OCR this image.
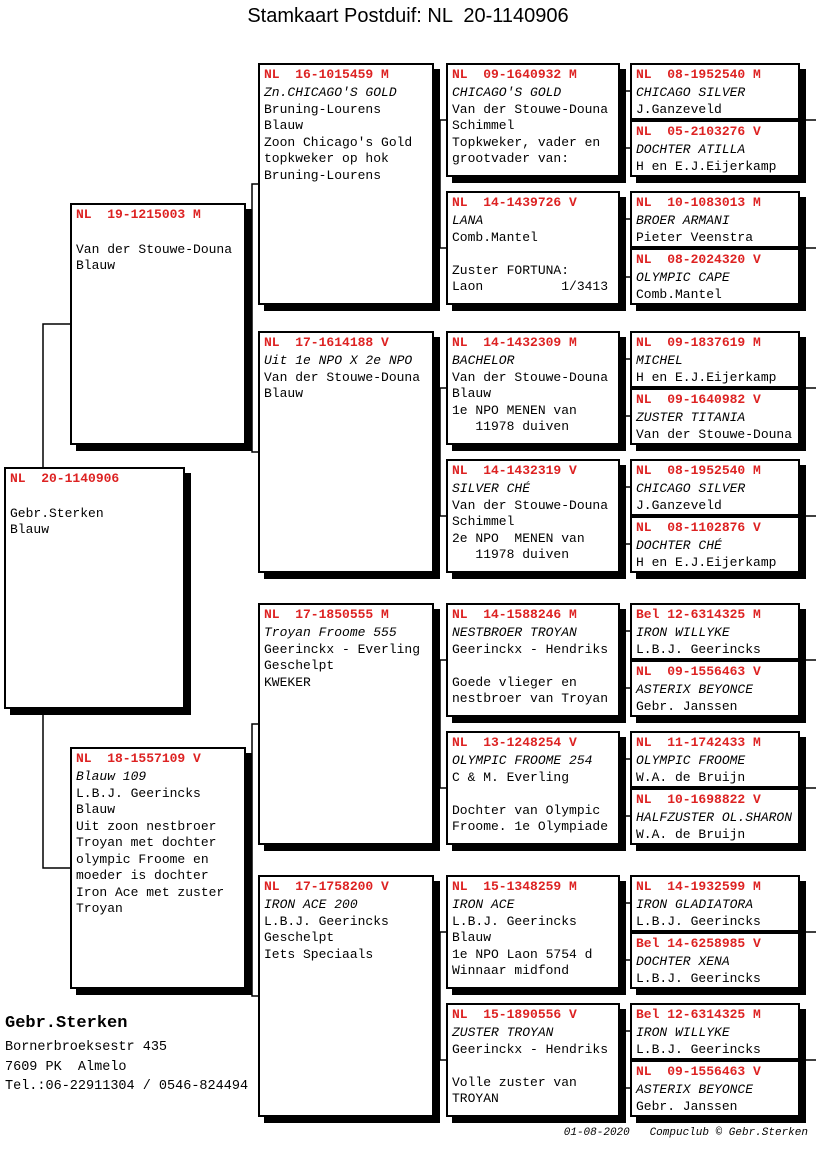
Stamkaart Postduif: NL  20-1140906
NL  20-1140906

Gebr.Sterken
Blauw
NL  19-1215003 M

Van der Stouwe-Douna
Blauw
NL  18-1557109 V
Blauw 109
L.B.J. Geerincks
Blauw
Uit zoon nestbroer
Troyan met dochter
olympic Froome en
moeder is dochter
Iron Ace met zuster
Troyan
NL  16-1015459 M
Zn.CHICAGO'S GOLD
Bruning-Lourens
Blauw
Zoon Chicago's Gold
topkweker op hok
Bruning-Lourens
NL  17-1614188 V
Uit 1e NPO X 2e NPO
Van der Stouwe-Douna
Blauw
NL  17-1850555 M
Troyan Froome 555
Geerinckx - Everling
Geschelpt
KWEKER
NL  17-1758200 V
IRON ACE 200
L.B.J. Geerincks
Geschelpt
Iets Speciaals
NL  09-1640932 M
CHICAGO'S GOLD
Van der Stouwe-Douna
Schimmel
Topkweker, vader en
grootvader van:
NL  14-1439726 V
LANA
Comb.Mantel

Zuster FORTUNA:
Laon          1/3413
NL  14-1432309 M
BACHELOR
Van der Stouwe-Douna
Blauw
1e NPO MENEN van
11978 duiven
NL  14-1432319 V
SILVER CHÉ
Van der Stouwe-Douna
Schimmel
2e NPO  MENEN van
11978 duiven
NL  14-1588246 M
NESTBROER TROYAN
Geerinckx - Hendriks

Goede vlieger en
nestbroer van Troyan
NL  13-1248254 V
OLYMPIC FROOME 254
C & M. Everling

Dochter van Olympic
Froome. 1e Olympiade
NL  15-1348259 M
IRON ACE
L.B.J. Geerincks
Blauw
1e NPO Laon 5754 d
Winnaar midfond
NL  15-1890556 V
ZUSTER TROYAN
Geerinckx - Hendriks

Volle zuster van
TROYAN
NL  08-1952540 M
CHICAGO SILVER
J.Ganzeveld
NL  05-2103276 V
DOCHTER ATILLA
H en E.J.Eijerkamp
NL  10-1083013 M
BROER ARMANI
Pieter Veenstra
NL  08-2024320 V
OLYMPIC CAPE
Comb.Mantel
NL  09-1837619 M
MICHEL
H en E.J.Eijerkamp
NL  09-1640982 V
ZUSTER TITANIA
Van der Stouwe-Douna
NL  08-1952540 M
CHICAGO SILVER
J.Ganzeveld
NL  08-1102876 V
DOCHTER CHÉ
H en E.J.Eijerkamp
Bel 12-6314325 M
IRON WILLYKE
L.B.J. Geerincks
NL  09-1556463 V
ASTERIX BEYONCE
Gebr. Janssen
NL  11-1742433 M
OLYMPIC FROOME
W.A. de Bruijn
NL  10-1698822 V
HALFZUSTER OL.SHARON
W.A. de Bruijn
NL  14-1932599 M
IRON GLADIATORA
L.B.J. Geerincks
Bel 14-6258985 V
DOCHTER XENA
L.B.J. Geerincks
Bel 12-6314325 M
IRON WILLYKE
L.B.J. Geerincks
NL  09-1556463 V
ASTERIX BEYONCE
Gebr. Janssen
Gebr.Sterken
Bornerbroeksestr 435
7609 PK  Almelo
Tel.:06-22911304 / 0546-824494
01-08-2020   Compuclub © Gebr.Sterken
